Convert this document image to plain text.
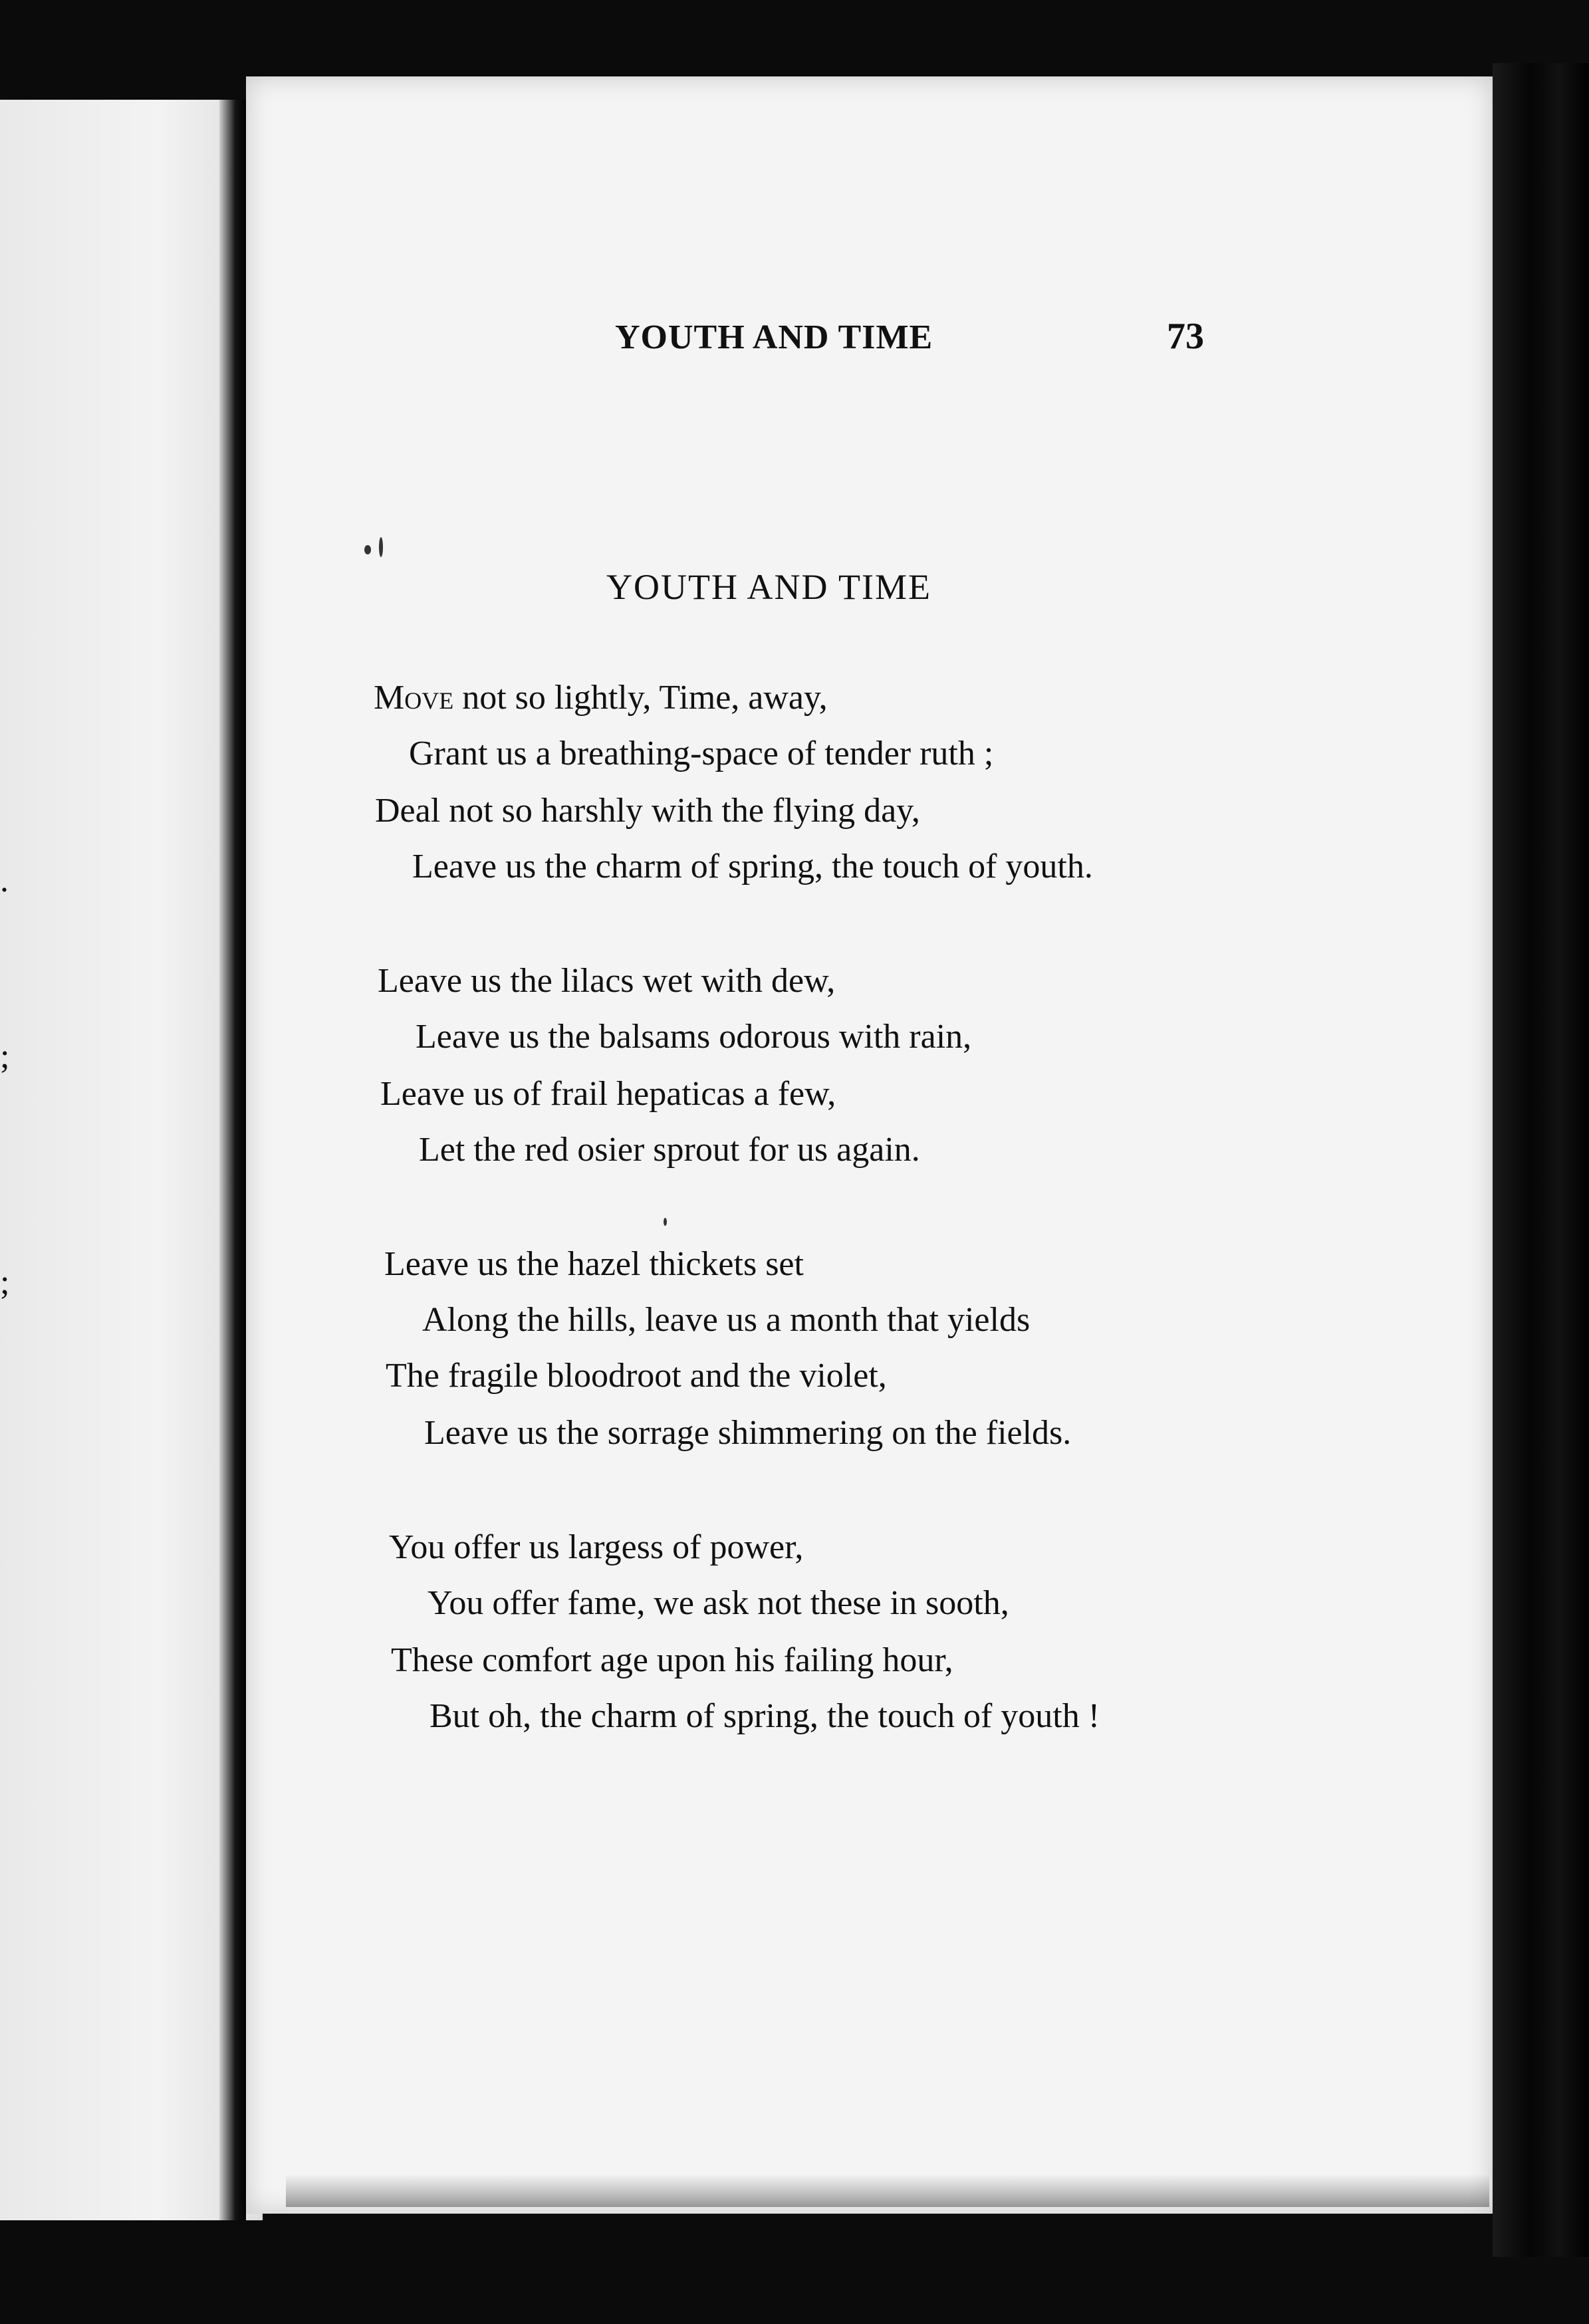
.
;
;
YOUTH AND TIME	73
YOUTH AND TIME
Move not so lightly, Time, away,
Grant us a breathing-space of tender ruth ;
Deal not so harshly with the flying day,
Leave us the charm of spring, the touch of youth.
Leave us the lilacs wet with dew,
Leave us the balsams odorous with rain,
Leave us of frail hepaticas a few,
Let the red osier sprout for us again.
Leave us the hazel thickets set
Along the hills, leave us a month that yields
The fragile bloodroot and the violet,
Leave us the sorrage shimmering on the fields.
You offer us largess of power,
You offer fame, we ask not these in sooth,
These comfort age upon his failing hour,
But oh, the charm of spring, the touch of youth !
